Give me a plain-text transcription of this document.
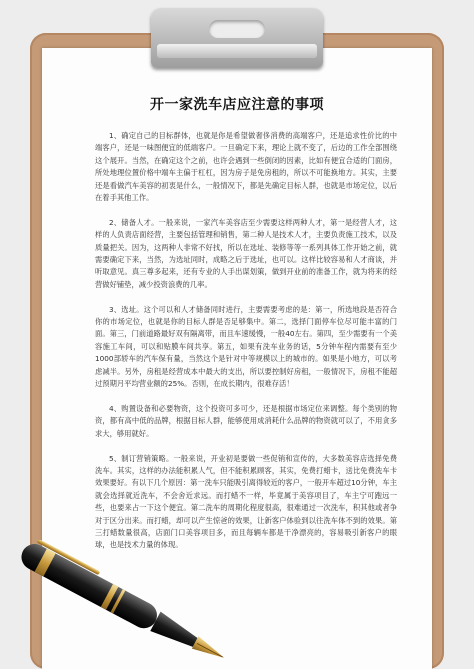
开一家洗车店应注意的事项

1、确定自己的目标群体，也就是你是希望做奢侈消费的高端客户，还是追求性价比的中端客户，还是一味图便宜的低端客户。一旦确定下来，理论上就不变了，后边的工作全部围绕这个展开。当然，在确定这个之前，也许会遇到一些倒闭的因素，比如有便宜合适的门面房，所处地理位置价格中端车主偏于杠杠，因为房子是免房租的，所以不可能换地方。其实，主要还是看做汽车美容的初衷是什么，一般情况下，都是先确定目标人群，也就是市场定位，以后在着手其他工作。

2、储备人才。一般来说，一家汽车美容店至少需要这样两种人才，第一是经营人才，这样的人负责店面经营，主要包括管理和销售，第二种人是技术人才，主要负责施工技术，以及质量把关。因为，这两种人非常不好找，所以在选址、装修等等一系列具体工作开始之前，就需要确定下来，当然，为选址同时，成略之后于选址，也可以。这样比较容易和人才商谈，并听取意见。真三尊多起来，还有专业的人手出谋划策，做到开业前的准备工作，就为将来的经营做好铺垫，减少投资浪费的几率。

3、选址。这个可以和人才储备同时进行，主要需要考虑的是：第一，所选地段是否符合你的市场定位，也就是你的目标人群是否足够集中。第二，选择门面停车位尽可能丰富的门面。第三，门前道路最好双有隔离带，而且车速缓慢，一般40左右。第四，至少需要有一个美容施工车间，可以和贴膜车间共享。第五，如果有洗车业务的话，5分钟车程内需要有至少1000部轿车的汽车保有量，当然这个是针对中等规模以上的城市的。如果是小地方，可以考虑减半。另外，房租是经营成本中最大的支出，所以要控制好房租，一般情况下，房租不能超过预期月平均营业额的25%。否则，在成长期内，很难存活！

4、购置设备和必要物资，这个投资可多可少，还是根据市场定位来调整。每个类别的物资，都有高中低的品牌，根据目标人群，能够使用成消耗什么品牌的物资就可以了，不用贪多求大，够用就好。

5、制订营销策略。一般来说，开业初是要做一些促销和宣传的，大多数美容店选择免费洗车。其实，这样的办法能积累人气，但不能积累顾客，其实，免费打蜡卡，送比免费洗车卡效果要好。有以下几个原因：第一洗车只能吸引离得较近的客户，一般开车超过10分钟，车主就会选择就近洗车，不会舍近求远。而打蜡不一样，毕竟属于美容项目了，车主宁可跑远一些，也要来占一下这个便宜。第二洗车的周期化程度很高，很难通过一次洗车，积其他或者争对于区分出来。而打蜡，却可以产生惊爸的效果，让新客户体验到以往洗车体不到的效果。第三打蜡数量很高，店面门口美容项目多，而且每辆车都是干净漂亮的，容易吸引新客户的眼球，也是技术力量的体现。
